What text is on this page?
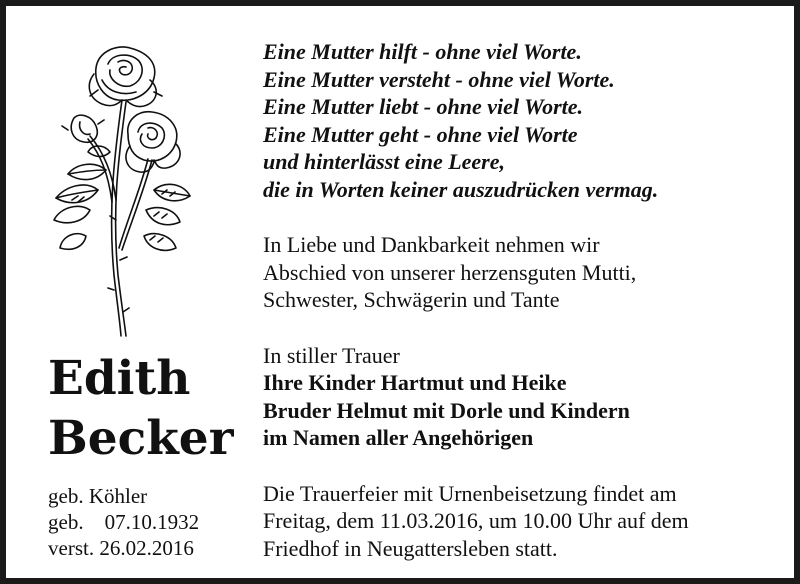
Edith
Becker
geb. Köhler
geb.    07.10.1932
verst. 26.02.2016

Eine Mutter hilft - ohne viel Worte.

Eine Mutter versteht - ohne viel Worte.

Eine Mutter liebt - ohne viel Worte.

Eine Mutter geht - ohne viel Worte

und hinterlässt eine Leere,

die in Worten keiner auszudrücken vermag.

In Liebe und Dankbarkeit nehmen wir

Abschied von unserer herzensguten Mutti,

Schwester, Schwägerin und Tante

In stiller Trauer

Ihre Kinder Hartmut und Heike

Bruder Helmut mit Dorle und Kindern

im Namen aller Angehörigen

Die Trauerfeier mit Urnenbeisetzung findet am

Freitag, dem 11.03.2016, um 10.00 Uhr auf dem

Friedhof in Neugattersleben statt.
